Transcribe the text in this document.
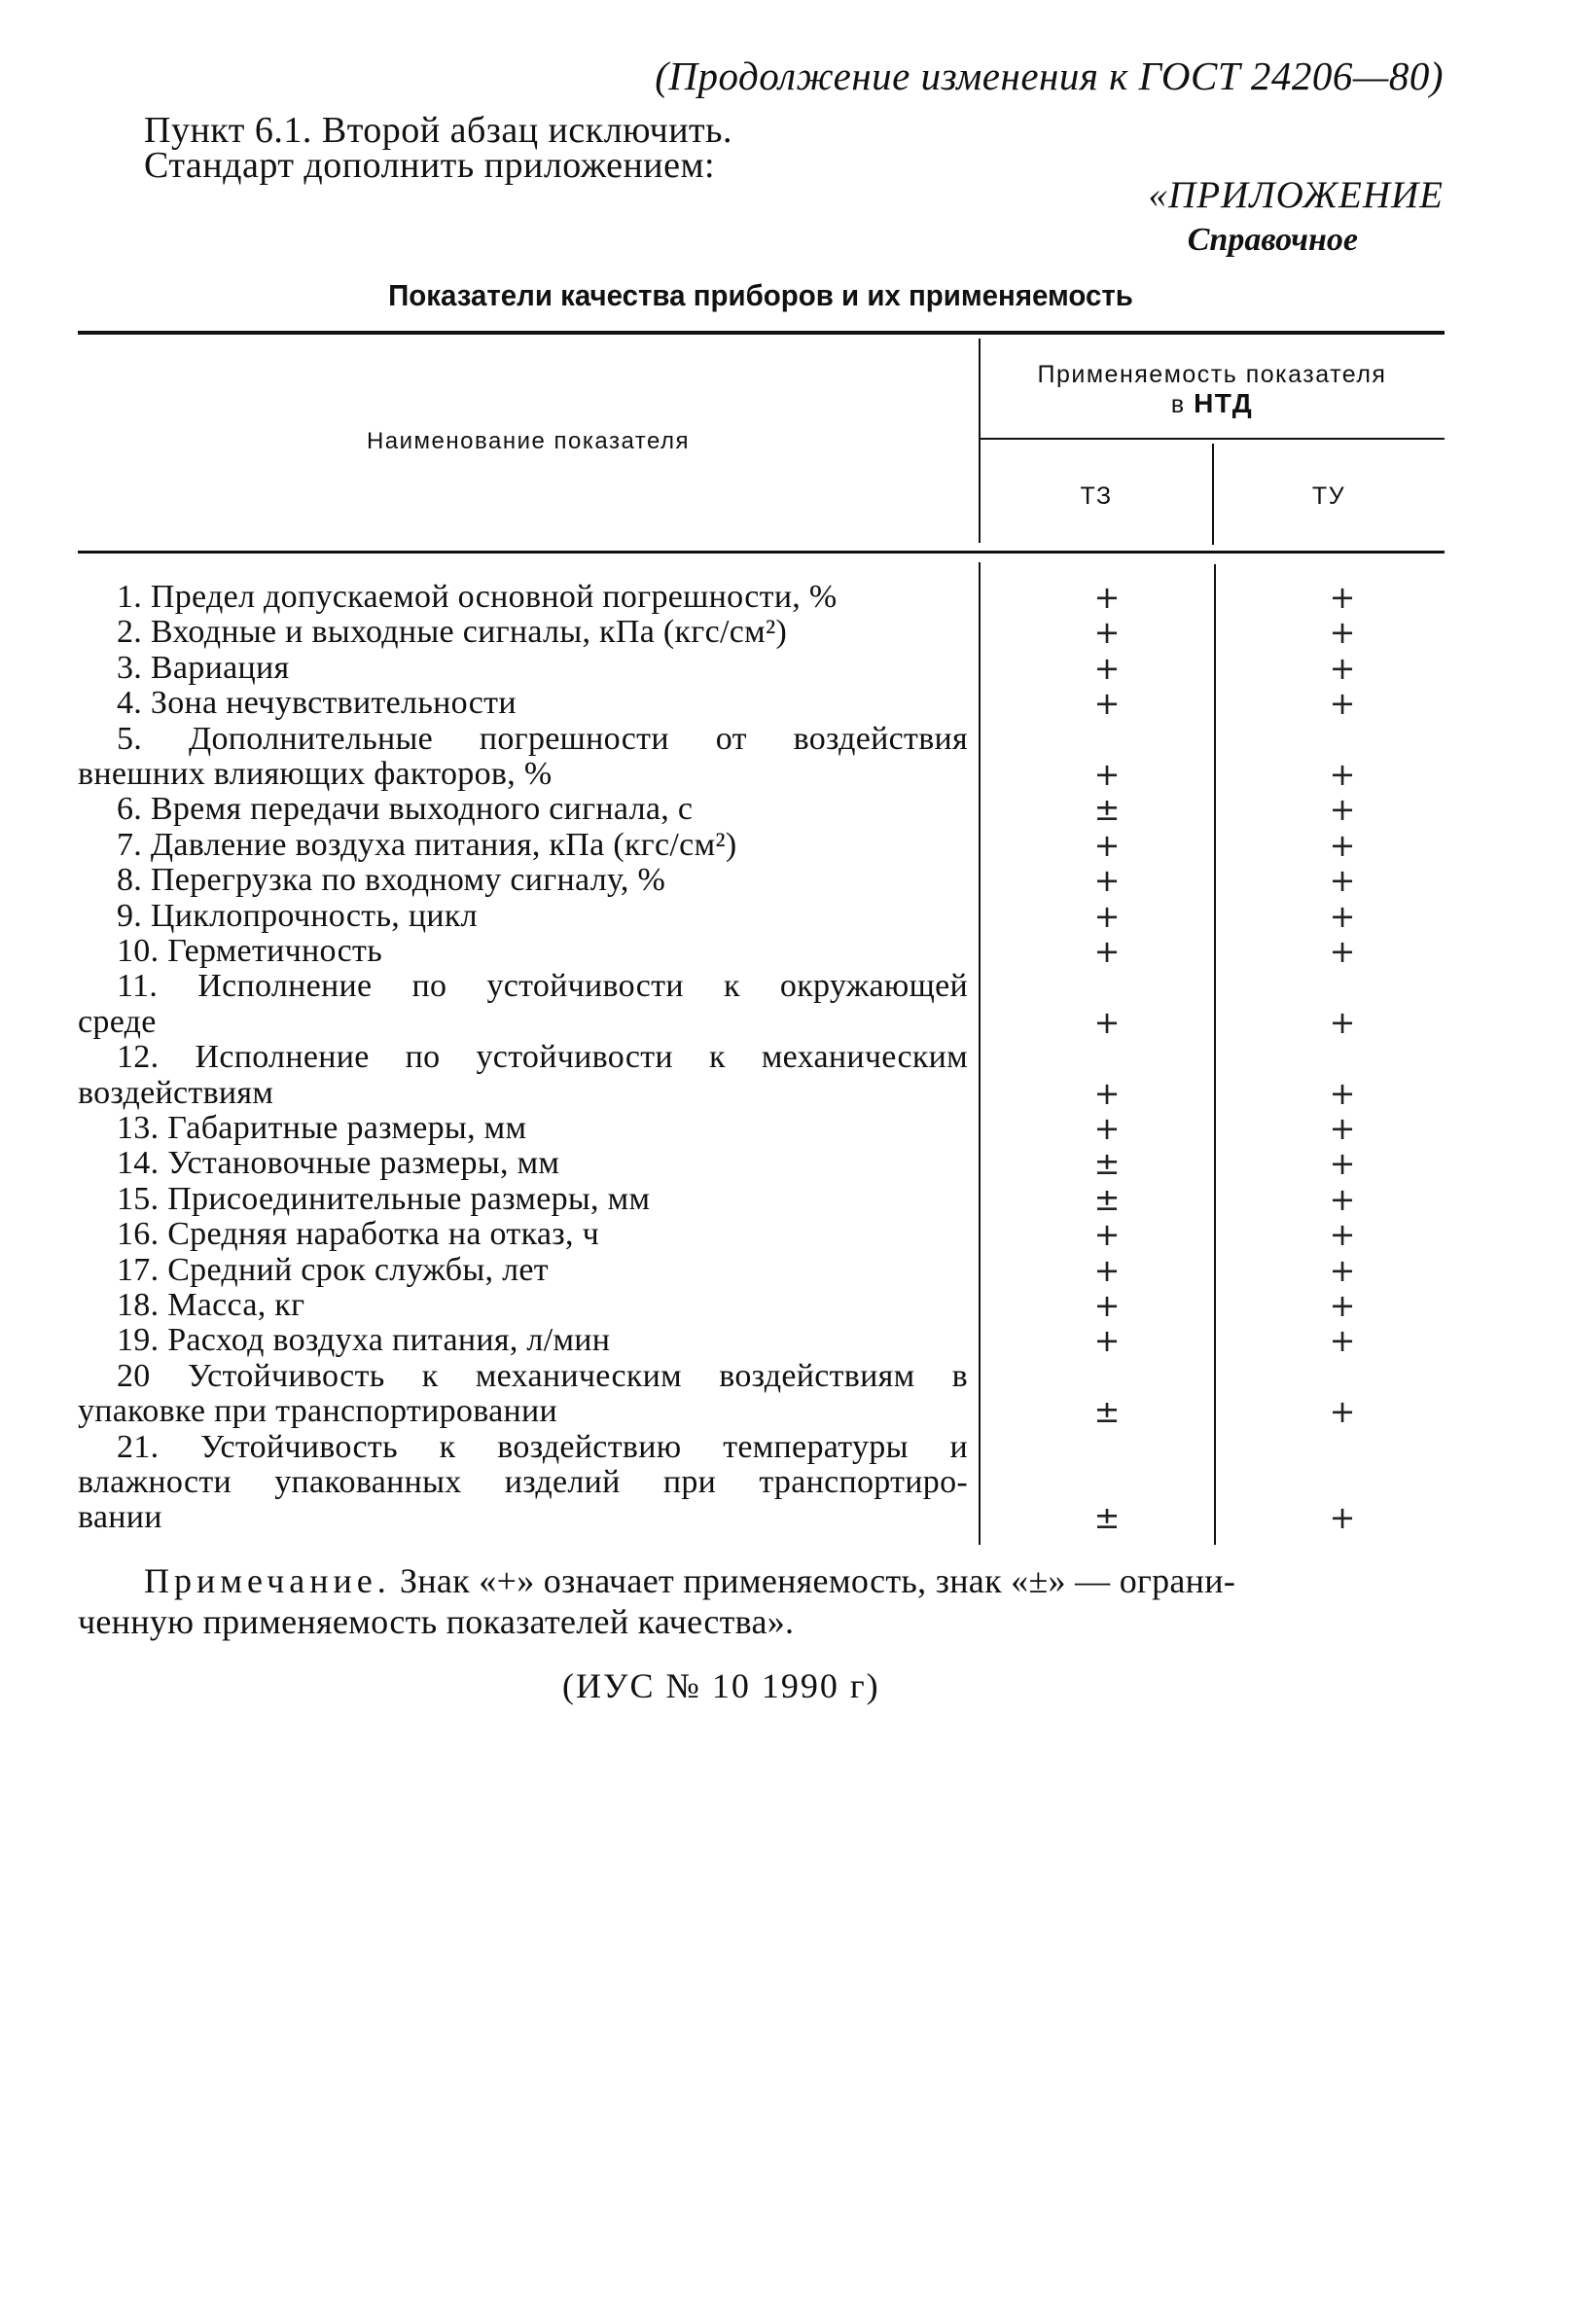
(Продолжение изменения к ГОСТ 24206—80)
Пункт 6.1. Второй абзац исключить.
Стандарт дополнить приложением:
«ПРИЛОЖЕНИЕ
Справочное
Показатели качества приборов и их применяемость
Наименование показателя
Применяемость показателя
в НТД
ТЗ	ТУ
1. Предел допускаемой основной погрешности, %	+	+
2. Входные и выходные сигналы, кПа (кгс/см²)	+	+
3. Вариация	+	+
4. Зона нечувствительности	+	+
5. Дополнительные погрешности от воздействия
внешних влияющих факторов, %	+	+
6. Время передачи выходного сигнала, с	±	+
7. Давление воздуха питания, кПа (кгс/см²)	+	+
8. Перегрузка по входному сигналу, %	+	+
9. Циклопрочность, цикл	+	+
10. Герметичность	+	+
11. Исполнение по устойчивости к окружающей
среде	+	+
12. Исполнение по устойчивости к механическим
воздействиям	+	+
13. Габаритные размеры, мм	+	+
14. Установочные размеры, мм	±	+
15. Присоединительные размеры, мм	±	+
16. Средняя наработка на отказ, ч	+	+
17. Средний срок службы, лет	+	+
18. Масса, кг	+	+
19. Расход воздуха питания, л/мин	+	+
20 Устойчивость к механическим воздействиям в
упаковке при транспортировании	±	+
21. Устойчивость к воздействию температуры и
влажности упакованных изделий при транспортиро-
вании	±	+
Примечание. Знак «+» означает применяемость, знак «±» — ограни-
ченную применяемость показателей качества».
(ИУС № 10 1990 г)
